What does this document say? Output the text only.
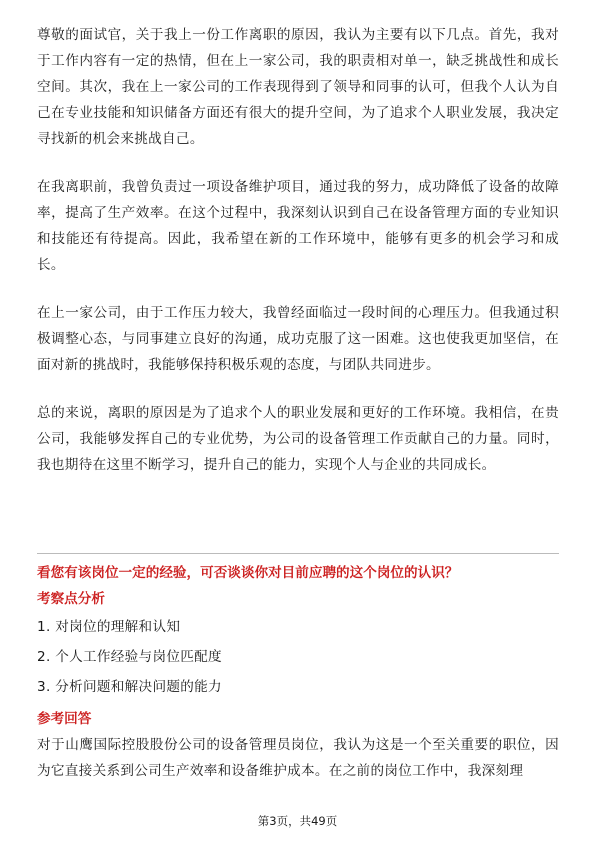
尊敬的面试官，关于我上一份工作离职的原因，我认为主要有以下几点。首先，我对于工作内容有一定的热情，但在上一家公司，我的职责相对单一，缺乏挑战性和成长空间。其次，我在上一家公司的工作表现得到了领导和同事的认可，但我个人认为自己在专业技能和知识储备方面还有很大的提升空间，为了追求个人职业发展，我决定寻找新的机会来挑战自己。

在我离职前，我曾负责过一项设备维护项目，通过我的努力，成功降低了设备的故障率，提高了生产效率。在这个过程中，我深刻认识到自己在设备管理方面的专业知识和技能还有待提高。因此，我希望在新的工作环境中，能够有更多的机会学习和成长。

在上一家公司，由于工作压力较大，我曾经面临过一段时间的心理压力。但我通过积极调整心态，与同事建立良好的沟通，成功克服了这一困难。这也使我更加坚信，在面对新的挑战时，我能够保持积极乐观的态度，与团队共同进步。

总的来说，离职的原因是为了追求个人的职业发展和更好的工作环境。我相信，在贵公司，我能够发挥自己的专业优势，为公司的设备管理工作贡献自己的力量。同时，我也期待在这里不断学习，提升自己的能力，实现个人与企业的共同成长。

看您有该岗位一定的经验，可否谈谈你对目前应聘的这个岗位的认识？

考察点分析

1. 对岗位的理解和认知

2. 个人工作经验与岗位匹配度

3. 分析问题和解决问题的能力

参考回答

对于山鹰国际控股股份公司的设备管理员岗位，我认为这是一个至关重要的职位，因为它直接关系到公司生产效率和设备维护成本。在之前的岗位工作中，我深刻理

第3页，共49页
